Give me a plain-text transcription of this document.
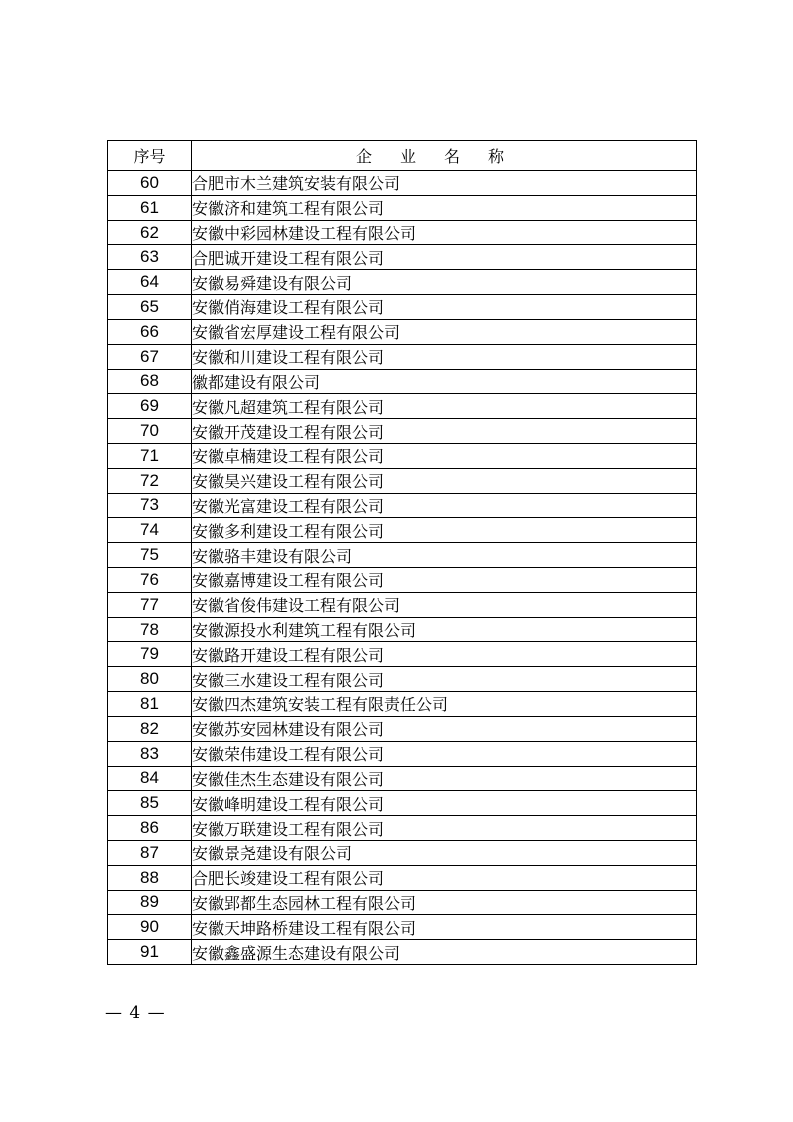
序号	企业名称
60	合肥市木兰建筑安装有限公司
61	安徽济和建筑工程有限公司
62	安徽中彩园林建设工程有限公司
63	合肥诚开建设工程有限公司
64	安徽易舜建设有限公司
65	安徽俏海建设工程有限公司
66	安徽省宏厚建设工程有限公司
67	安徽和川建设工程有限公司
68	徽都建设有限公司
69	安徽凡超建筑工程有限公司
70	安徽开茂建设工程有限公司
71	安徽卓楠建设工程有限公司
72	安徽昊兴建设工程有限公司
73	安徽光富建设工程有限公司
74	安徽多利建设工程有限公司
75	安徽骆丰建设有限公司
76	安徽嘉博建设工程有限公司
77	安徽省俊伟建设工程有限公司
78	安徽源投水利建筑工程有限公司
79	安徽路开建设工程有限公司
80	安徽三水建设工程有限公司
81	安徽四杰建筑安装工程有限责任公司
82	安徽苏安园林建设有限公司
83	安徽荣伟建设工程有限公司
84	安徽佳杰生态建设有限公司
85	安徽峰明建设工程有限公司
86	安徽万联建设工程有限公司
87	安徽景尧建设有限公司
88	合肥长竣建设工程有限公司
89	安徽郢都生态园林工程有限公司
90	安徽天坤路桥建设工程有限公司
91	安徽鑫盛源生态建设有限公司
— 4 —
